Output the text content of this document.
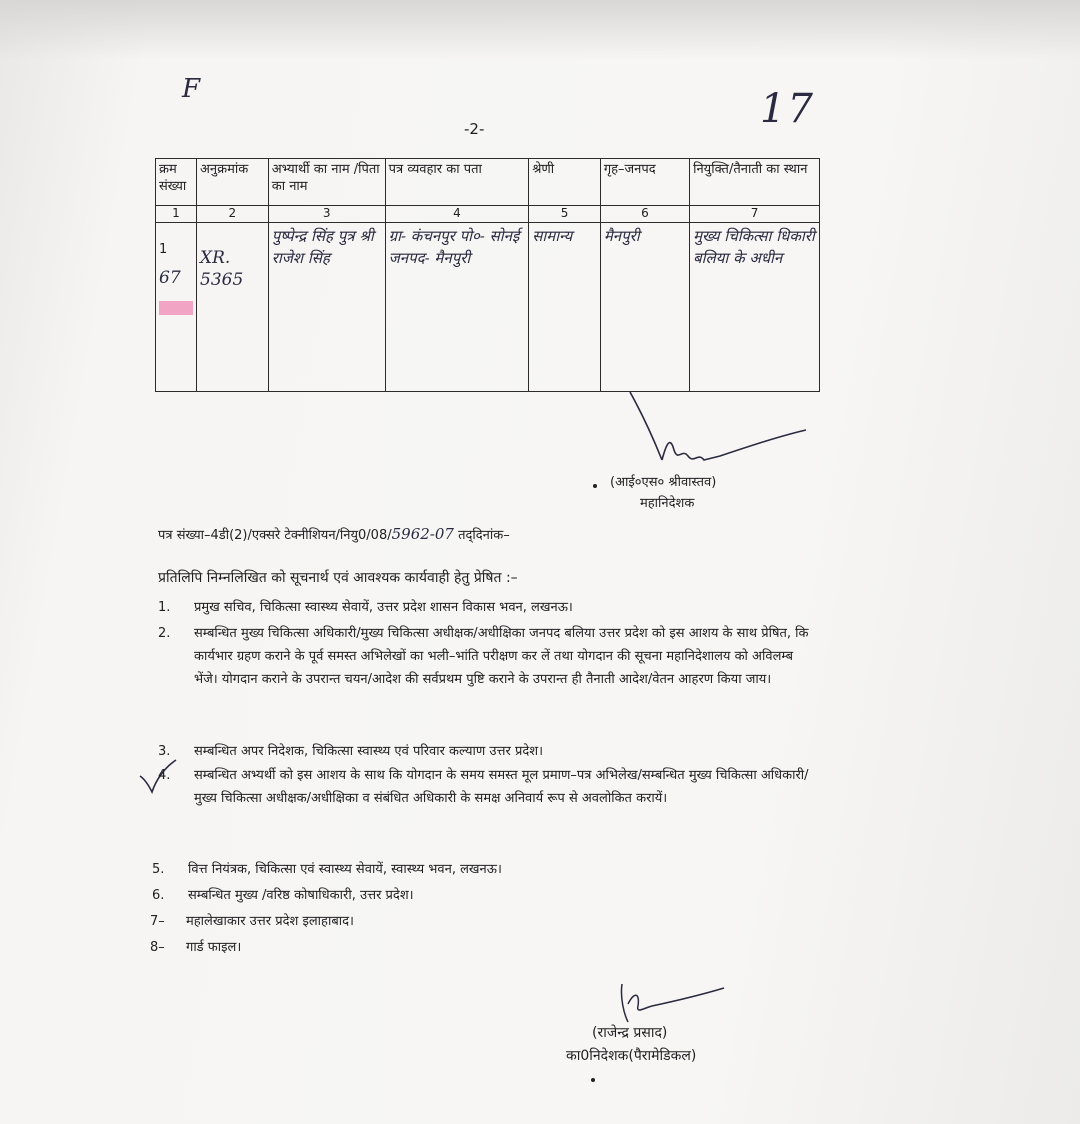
F
-2-	17
क्रम संख्या	अनुक्रमांक	अभ्यार्थी का नाम /पिता का नाम	पत्र व्यवहार का पता	श्रेणी	गृह–जनपद	नियुक्ति/तैनाती का स्थान
1	2	3	4	5	6	7

1
67	XR. 5365	पुष्पेन्द्र सिंह पुत्र श्री राजेश सिंह	ग्रा- कंचनपुर पो०- सोनई जनपद- मैनपुरी	सामान्य	मैनपुरी	मुख्य चिकित्सा धिकारी बलिया के अधीन
(आई०एस० श्रीवास्तव)
महानिदेशक
पत्र संख्या–4डी(2)/एक्सरे टेक्नीशियन/नियु0/08/5962-07 तद्‌दिनांक–
प्रतिलिपि निम्नलिखित को सूचनार्थ एवं आवश्यक कार्यवाही हेतु प्रेषित :–
1.	प्रमुख सचिव, चिकित्सा स्वास्थ्य सेवायें, उत्तर प्रदेश शासन विकास भवन, लखनऊ।
2.	सम्बन्धित मुख्य चिकित्सा अधिकारी/मुख्य चिकित्सा अधीक्षक/अधीक्षिका जनपद बलिया उत्तर प्रदेश को इस आशय के साथ प्रेषित, कि कार्यभार ग्रहण कराने के पूर्व समस्त अभिलेखों का भली–भांति परीक्षण कर लें तथा योगदान की सूचना महानिदेशालय को अविलम्ब भेंजे। योगदान कराने के उपरान्त चयन/आदेश की सर्वप्रथम पुष्टि कराने के उपरान्त ही तैनाती आदेश/वेतन आहरण किया जाय।
3.	सम्बन्धित अपर निदेशक, चिकित्सा स्वास्थ्य एवं परिवार कल्याण उत्तर प्रदेश।
4.	सम्बन्धित अभ्यर्थी को इस आशय के साथ कि योगदान के समय समस्त मूल प्रमाण–पत्र अभिलेख/सम्बन्धित मुख्य चिकित्सा अधिकारी/मुख्य चिकित्सा अधीक्षक/अधीक्षिका व संबंधित अधिकारी के समक्ष अनिवार्य रूप से अवलोकित करायें।
5.	वित्त नियंत्रक, चिकित्सा एवं स्वास्थ्य सेवायें, स्वास्थ्य भवन, लखनऊ।
6.	सम्बन्धित मुख्य /वरिष्ठ कोषाधिकारी, उत्तर प्रदेश।
7–	महालेखाकार उत्तर प्रदेश इलाहाबाद।
8–	गार्ड फाइल।
(राजेन्द्र प्रसाद)
का0निदेशक(पैरामेडिकल)
